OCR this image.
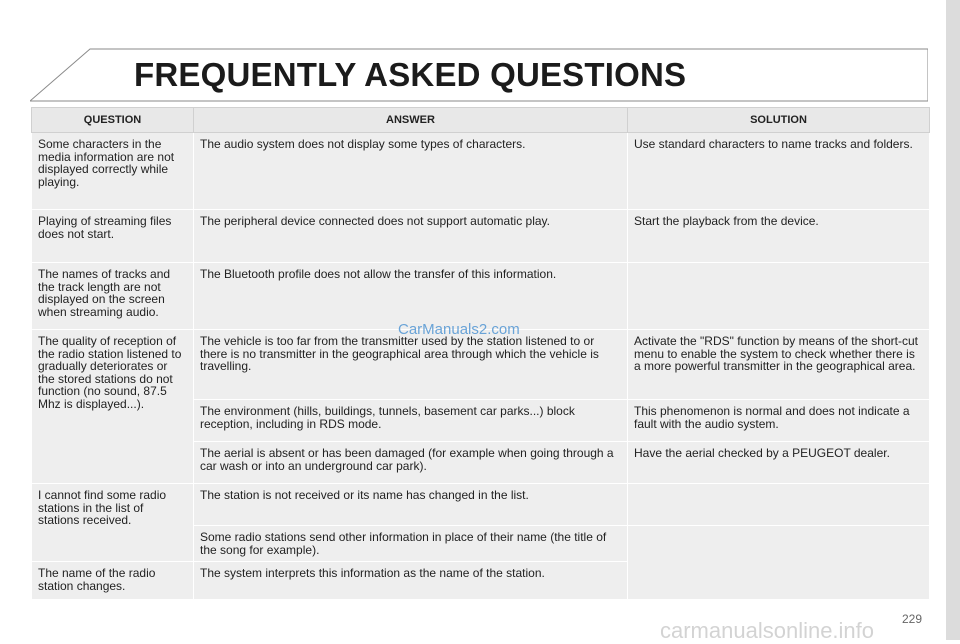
FREQUENTLY ASKED QUESTIONS
QUESTION	ANSWER	SOLUTION
Some characters in the media information are not displayed correctly while playing.	The audio system does not display some types of characters.	Use standard characters to name tracks and folders.
Playing of streaming files does not start.	The peripheral device connected does not support automatic play.	Start the playback from the device.
The names of tracks and the track length are not displayed on the screen when streaming audio.	The Bluetooth profile does not allow the transfer of this information.	
The quality of reception of the radio station listened to gradually deteriorates or the stored stations do not function (no sound, 87.5 Mhz is displayed...).	The vehicle is too far from the transmitter used by the station listened to or there is no transmitter in the geographical area through which the vehicle is travelling.	Activate the "RDS" function by means of the short-cut menu to enable the system to check whether there is a more powerful transmitter in the geographical area.
	The environment (hills, buildings, tunnels, basement car parks...) block reception, including in RDS mode.	This phenomenon is normal and does not indicate a fault with the audio system.
	The aerial is absent or has been damaged (for example when going through a car wash or into an underground car park).	Have the aerial checked by a PEUGEOT dealer.
I cannot find some radio stations in the list of stations received.	The station is not received or its name has changed in the list.	
	Some radio stations send other information in place of their name (the title of the song for example).	
The name of the radio station changes.	The system interprets this information as the name of the station.	
CarManuals2.com
carmanualsonline.info 229
